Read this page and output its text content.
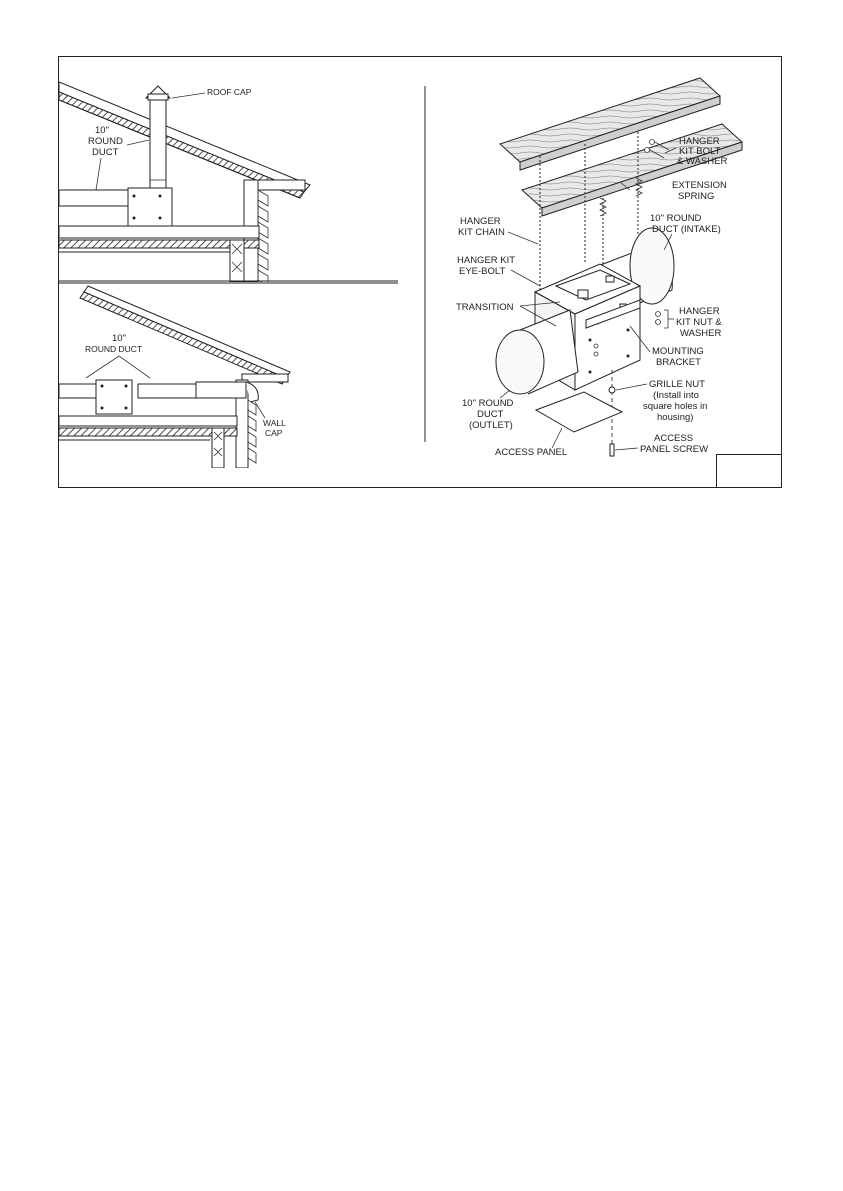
ROOF CAP
10"
ROUND
DUCT
10"
ROUND DUCT
WALL
CAP
HANGER
KIT BOLT
& WASHER
EXTENSION
SPRING
HANGER
KIT CHAIN
10" ROUND
DUCT (INTAKE)
HANGER KIT
EYE-BOLT
TRANSITION	HANGER
KIT NUT &
WASHER
MOUNTING
BRACKET
10" ROUND
DUCT
(OUTLET)
GRILLE NUT
(Install into
square holes in
housing)
ACCESS PANEL
ACCESS
PANEL SCREW
